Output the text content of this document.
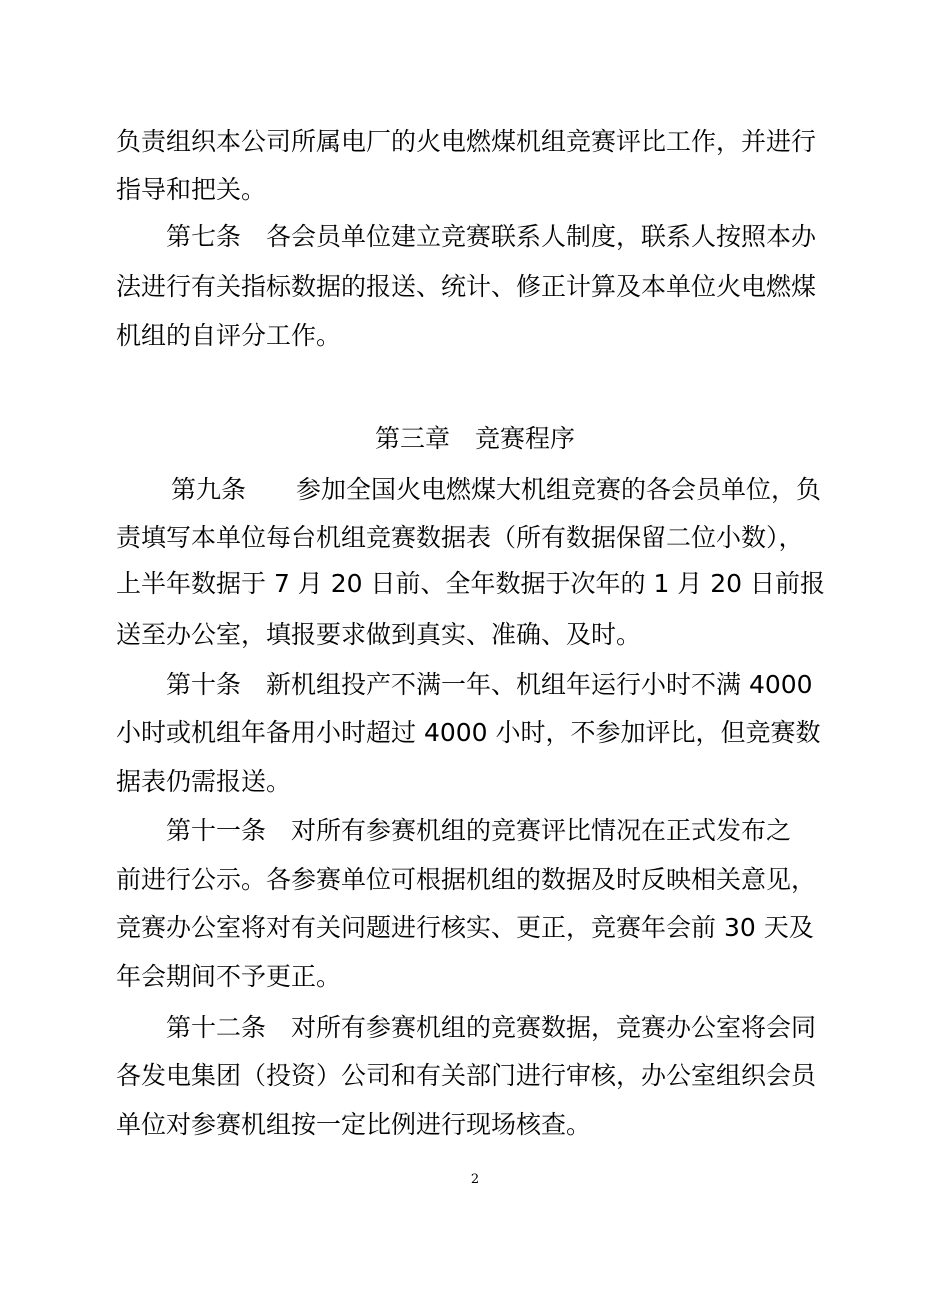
负责组织本公司所属电厂的火电燃煤机组竞赛评比工作，并进行
指导和把关。
第七条　各会员单位建立竞赛联系人制度，联系人按照本办
法进行有关指标数据的报送、统计、修正计算及本单位火电燃煤
机组的自评分工作。
第三章　竞赛程序
第九条　　参加全国火电燃煤大机组竞赛的各会员单位，负
责填写本单位每台机组竞赛数据表（所有数据保留二位小数），
上半年数据于 7 月 20 日前、全年数据于次年的 1 月 20 日前报
送至办公室，填报要求做到真实、准确、及时。
第十条　新机组投产不满一年、机组年运行小时不满 4000
小时或机组年备用小时超过 4000 小时，不参加评比，但竞赛数
据表仍需报送。
第十一条　对所有参赛机组的竞赛评比情况在正式发布之
前进行公示。各参赛单位可根据机组的数据及时反映相关意见，
竞赛办公室将对有关问题进行核实、更正，竞赛年会前 30 天及
年会期间不予更正。
第十二条　对所有参赛机组的竞赛数据，竞赛办公室将会同
各发电集团（投资）公司和有关部门进行审核，办公室组织会员
单位对参赛机组按一定比例进行现场核查。
2
